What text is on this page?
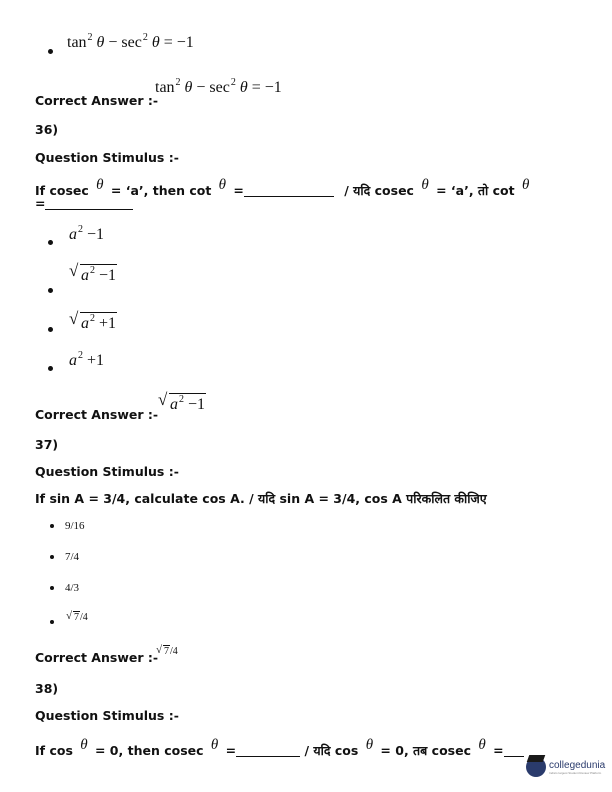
$\tan^2 \theta - \sec^2 \theta = -1$
Correct Answer :-
$\tan^2 \theta - \sec^2 \theta = -1$
36)
Question Stimulus :-
If cosec θ = ‘a’, then cot θ =	/ यदि cosec θ = ‘a’, तो cot θ
=
$a^2 -1$
√ $a^2 -1$
√ $a^2 +1$
$a^2 +1$
Correct Answer :-
√ $a^2 -1$
37)
Question Stimulus :-
If sin A = 3/4, calculate cos A. / यदि sin A = 3/4, cos A परिकलित कीजिए
9/16
7/4
4/3
√ 7/4
Correct Answer :-
√ 7/4
38)
Question Stimulus :-
If cos θ = 0, then cosec θ =	/ यदि cos θ = 0, तब cosec θ =
collegedunia
India's largest Student Review Platform
